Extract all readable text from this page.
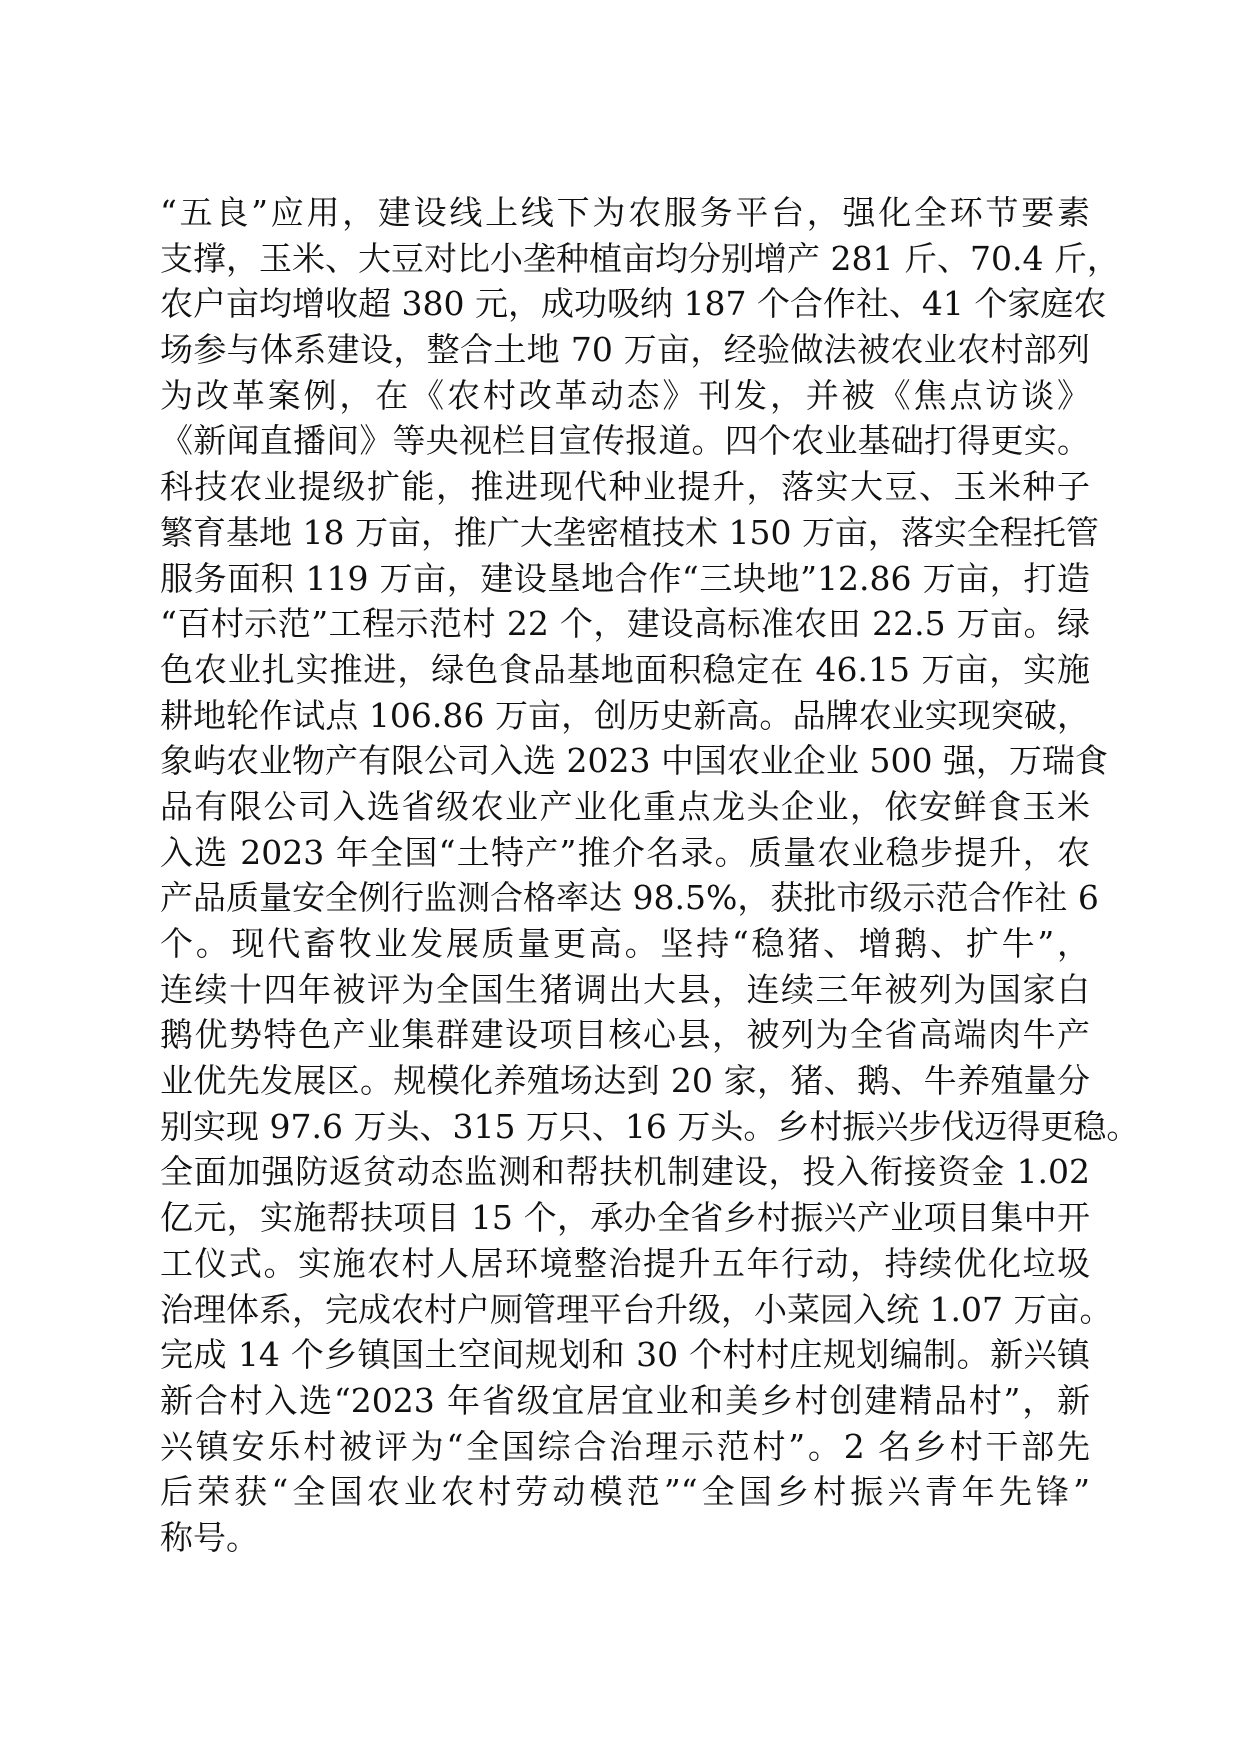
“五良”应用，建设线上线下为农服务平台，强化全环节要素
支撑，玉米、大豆对比小垄种植亩均分别增产 281 斤、70.4 斤，
农户亩均增收超 380 元，成功吸纳 187 个合作社、41 个家庭农
场参与体系建设，整合土地 70 万亩，经验做法被农业农村部列
为改革案例，在《农村改革动态》刊发，并被《焦点访谈》
《新闻直播间》等央视栏目宣传报道。四个农业基础打得更实。
科技农业提级扩能，推进现代种业提升，落实大豆、玉米种子
繁育基地 18 万亩，推广大垄密植技术 150 万亩，落实全程托管
服务面积 119 万亩，建设垦地合作“三块地”12.86 万亩，打造
“百村示范”工程示范村 22 个，建设高标准农田 22.5 万亩。绿
色农业扎实推进，绿色食品基地面积稳定在 46.15 万亩，实施
耕地轮作试点 106.86 万亩，创历史新高。品牌农业实现突破，
象屿农业物产有限公司入选 2023 中国农业企业 500 强，万瑞食
品有限公司入选省级农业产业化重点龙头企业，依安鲜食玉米
入选 2023 年全国“土特产”推介名录。质量农业稳步提升，农
产品质量安全例行监测合格率达 98.5%，获批市级示范合作社 6
个。现代畜牧业发展质量更高。坚持“稳猪、增鹅、扩牛”，
连续十四年被评为全国生猪调出大县，连续三年被列为国家白
鹅优势特色产业集群建设项目核心县，被列为全省高端肉牛产
业优先发展区。规模化养殖场达到 20 家，猪、鹅、牛养殖量分
别实现 97.6 万头、315 万只、16 万头。乡村振兴步伐迈得更稳。
全面加强防返贫动态监测和帮扶机制建设，投入衔接资金 1.02
亿元，实施帮扶项目 15 个，承办全省乡村振兴产业项目集中开
工仪式。实施农村人居环境整治提升五年行动，持续优化垃圾
治理体系，完成农村户厕管理平台升级，小菜园入统 1.07 万亩。
完成 14 个乡镇国土空间规划和 30 个村村庄规划编制。新兴镇
新合村入选“2023 年省级宜居宜业和美乡村创建精品村”，新
兴镇安乐村被评为“全国综合治理示范村”。2 名乡村干部先
后荣获“全国农业农村劳动模范”“全国乡村振兴青年先锋”
称号。
